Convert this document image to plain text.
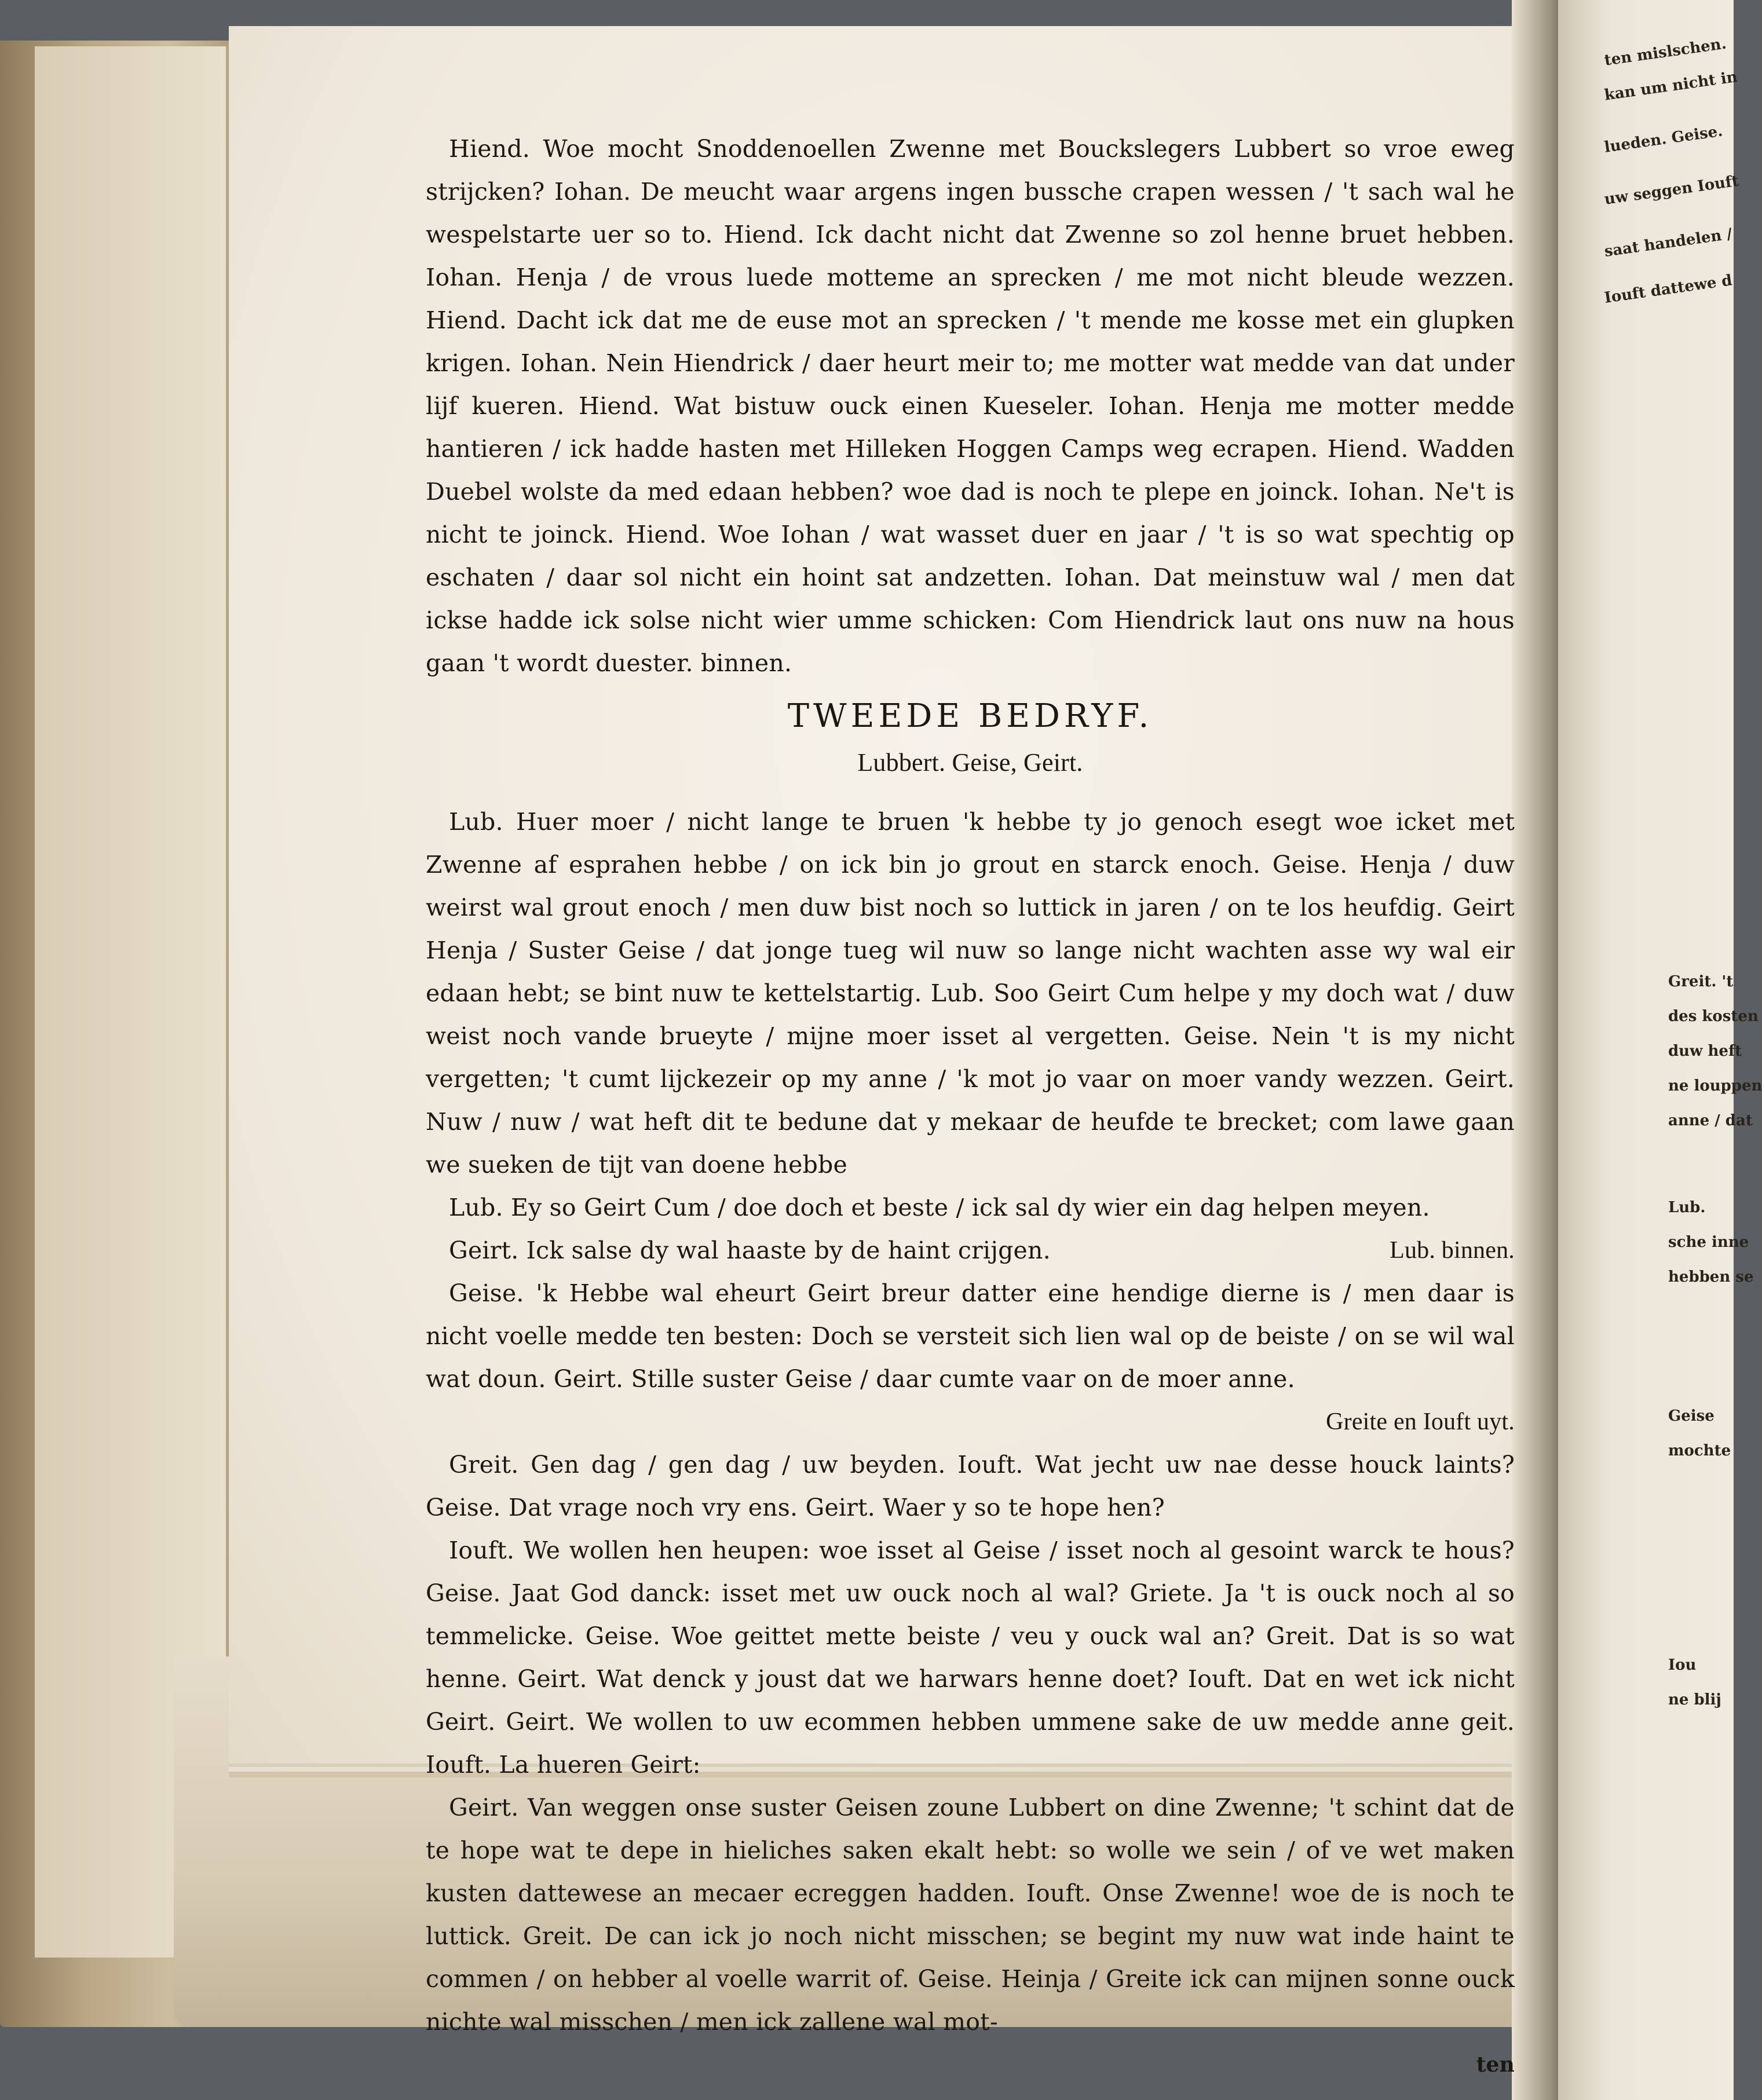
ten mislschen.
kan um nicht in
lueden. Geise.
uw seggen Iouft
saat handelen /
Iouft dattewe d
Greit. 't
des kosten
duw heft
ne louppen
anne / dat
Lub.
sche inne
hebben se
Geise
mochte
Iou
ne blij

Hiend. Woe mocht Snoddenoellen Zwenne met Bouckslegers Lubbert so vroe eweg strijcken? Iohan. De meucht waar argens ingen bussche crapen wessen / 't sach wal he wespelstarte uer so to. Hiend. Ick dacht nicht dat Zwenne so zol henne bruet hebben. Iohan. Henja / de vrous luede motteme an sprecken / me mot nicht bleude wezzen. Hiend. Dacht ick dat me de euse mot an sprecken / 't mende me kosse met ein glupken krigen. Iohan. Nein Hiendrick / daer heurt meir to; me motter wat medde van dat under lijf kueren. Hiend. Wat bistuw ouck einen Kueseler. Iohan. Henja me motter medde hantieren / ick hadde hasten met Hilleken Hoggen Camps weg ecrapen. Hiend. Wadden Duebel wolste da med edaan hebben? woe dad is noch te plepe en joinck. Iohan. Ne't is nicht te joinck. Hiend. Woe Iohan / wat wasset duer en jaar / 't is so wat spechtig op eschaten / daar sol nicht ein hoint sat andzetten. Iohan. Dat meinstuw wal / men dat ickse hadde ick solse nicht wier umme schicken: Com Hiendrick laut ons nuw na hous gaan 't wordt duester. binnen.

TWEEDE BEDRYF.
Lubbert. Geise, Geirt.

Lub. Huer moer / nicht lange te bruen 'k hebbe ty jo genoch esegt woe icket met Zwenne af esprahen hebbe / on ick bin jo grout en starck enoch. Geise. Henja / duw weirst wal grout enoch / men duw bist noch so luttick in jaren / on te los heufdig. Geirt Henja / Suster Geise / dat jonge tueg wil nuw so lange nicht wachten asse wy wal eir edaan hebt; se bint nuw te kettelstartig. Lub. Soo Geirt Cum helpe y my doch wat / duw weist noch vande brueyte / mijne moer isset al vergetten. Geise. Nein 't is my nicht vergetten; 't cumt lijckezeir op my anne / 'k mot jo vaar on moer vandy wezzen. Geirt. Nuw / nuw / wat heft dit te bedune dat y mekaar de heufde te brecket; com lawe gaan we sueken de tijt van doene hebbe

Lub. Ey so Geirt Cum / doe doch et beste / ick sal dy wier ein dag helpen meyen.

Geirt. Ick salse dy wal haaste by de haint crijgen.	Lub. binnen.

Geise. 'k Hebbe wal eheurt Geirt breur datter eine hendige dierne is / men daar is nicht voelle medde ten besten: Doch se versteit sich lien wal op de beiste / on se wil wal wat doun. Geirt. Stille suster Geise / daar cumte vaar on de moer anne.

Greite en Iouft uyt.

Greit. Gen dag / gen dag / uw beyden. Iouft. Wat jecht uw nae desse houck laints? Geise. Dat vrage noch vry ens. Geirt. Waer y so te hope hen?

Iouft. We wollen hen heupen: woe isset al Geise / isset noch al gesoint warck te hous? Geise. Jaat God danck: isset met uw ouck noch al wal? Griete. Ja 't is ouck noch al so temmelicke. Geise. Woe geittet mette beiste / veu y ouck wal an? Greit. Dat is so wat henne. Geirt. Wat denck y joust dat we harwars henne doet? Iouft. Dat en wet ick nicht Geirt. Geirt. We wollen to uw ecommen hebben ummene sake de uw medde anne geit. Iouft. La hueren Geirt:

Geirt. Van weggen onse suster Geisen zoune Lubbert on dine Zwenne; 't schint dat de te hope wat te depe in hieliches saken ekalt hebt: so wolle we sein / of ve wet maken kusten dattewese an mecaer ecreggen hadden. Iouft. Onse Zwenne! woe de is noch te luttick. Greit. De can ick jo noch nicht misschen; se begint my nuw wat inde haint te commen / on hebber al voelle warrit of. Geise. Heinja / Greite ick can mijnen sonne ouck nichte wal misschen / men ick zallene wal mot-

ten
